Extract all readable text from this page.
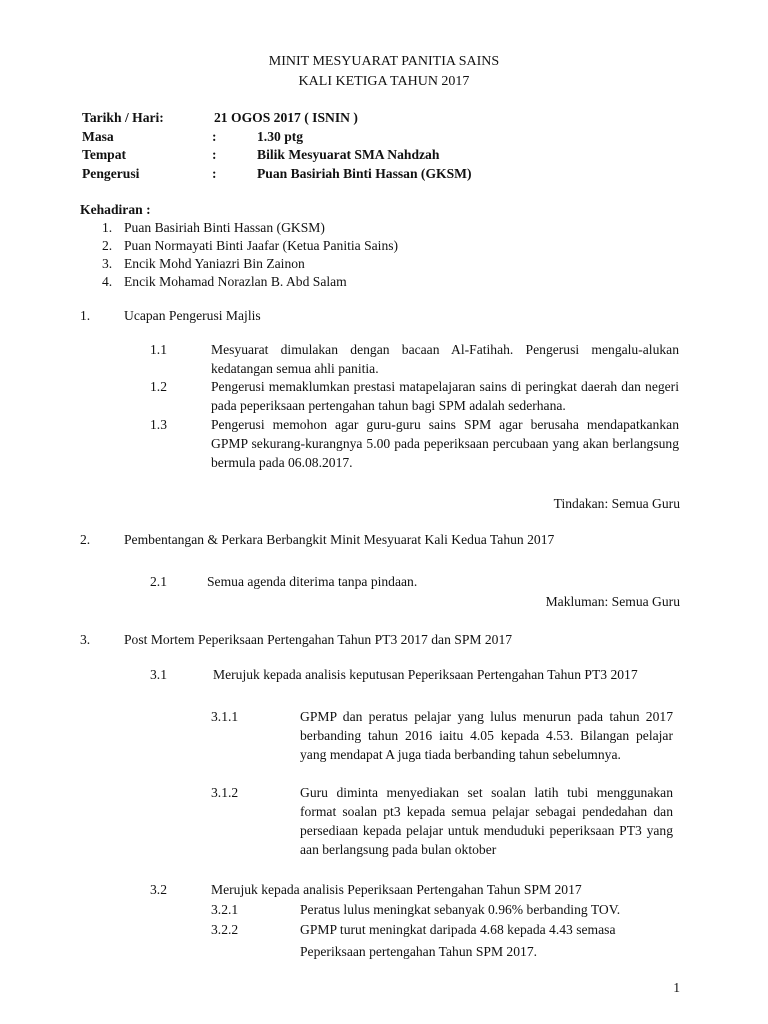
MINIT MESYUARAT PANITIA SAINS
KALI KETIGA TAHUN 2017
Tarikh / Hari:	21 OGOS 2017 ( ISNIN )
Masa	:	1.30 ptg
Tempat	:	Bilik Mesyuarat SMA Nahdzah
Pengerusi	:	Puan Basiriah Binti Hassan (GKSM)
Kehadiran :
1. Puan Basiriah Binti Hassan (GKSM)
2. Puan Normayati Binti Jaafar (Ketua Panitia Sains)
3. Encik Mohd Yaniazri Bin Zainon
4. Encik Mohamad Norazlan B. Abd Salam
1. Ucapan Pengerusi Majlis
1.1	Mesyuarat dimulakan dengan bacaan Al-Fatihah. Pengerusi mengalu-alukan kedatangan semua ahli panitia.
1.2	Pengerusi memaklumkan prestasi matapelajaran sains di peringkat daerah dan negeri pada peperiksaan pertengahan tahun bagi SPM adalah sederhana.
1.3	Pengerusi memohon agar guru-guru sains SPM agar berusaha mendapatkankan GPMP sekurang-kurangnya 5.00 pada peperiksaan percubaan yang akan berlangsung bermula pada 06.08.2017.
Tindakan: Semua Guru
2. Pembentangan & Perkara Berbangkit Minit Mesyuarat Kali Kedua Tahun 2017
2.1	Semua agenda diterima tanpa pindaan.
Makluman: Semua Guru
3. Post Mortem Peperiksaan Pertengahan Tahun PT3 2017 dan SPM 2017
3.1	Merujuk kepada analisis keputusan Peperiksaan Pertengahan Tahun PT3 2017
3.1.1	GPMP dan peratus pelajar yang lulus menurun pada tahun 2017 berbanding tahun 2016 iaitu 4.05 kepada 4.53. Bilangan pelajar yang mendapat A juga tiada berbanding tahun sebelumnya.
3.1.2	Guru diminta menyediakan set soalan latih tubi menggunakan format soalan pt3 kepada semua pelajar sebagai pendedahan dan persediaan kepada pelajar untuk menduduki peperiksaan PT3 yang aan berlangsung pada bulan oktober
3.2	Merujuk kepada analisis Peperiksaan Pertengahan Tahun SPM 2017
3.2.1	Peratus lulus meningkat sebanyak 0.96% berbanding TOV.
3.2.2	GPMP turut meningkat daripada 4.68 kepada 4.43 semasa
Peperiksaan pertengahan Tahun SPM 2017.
1
